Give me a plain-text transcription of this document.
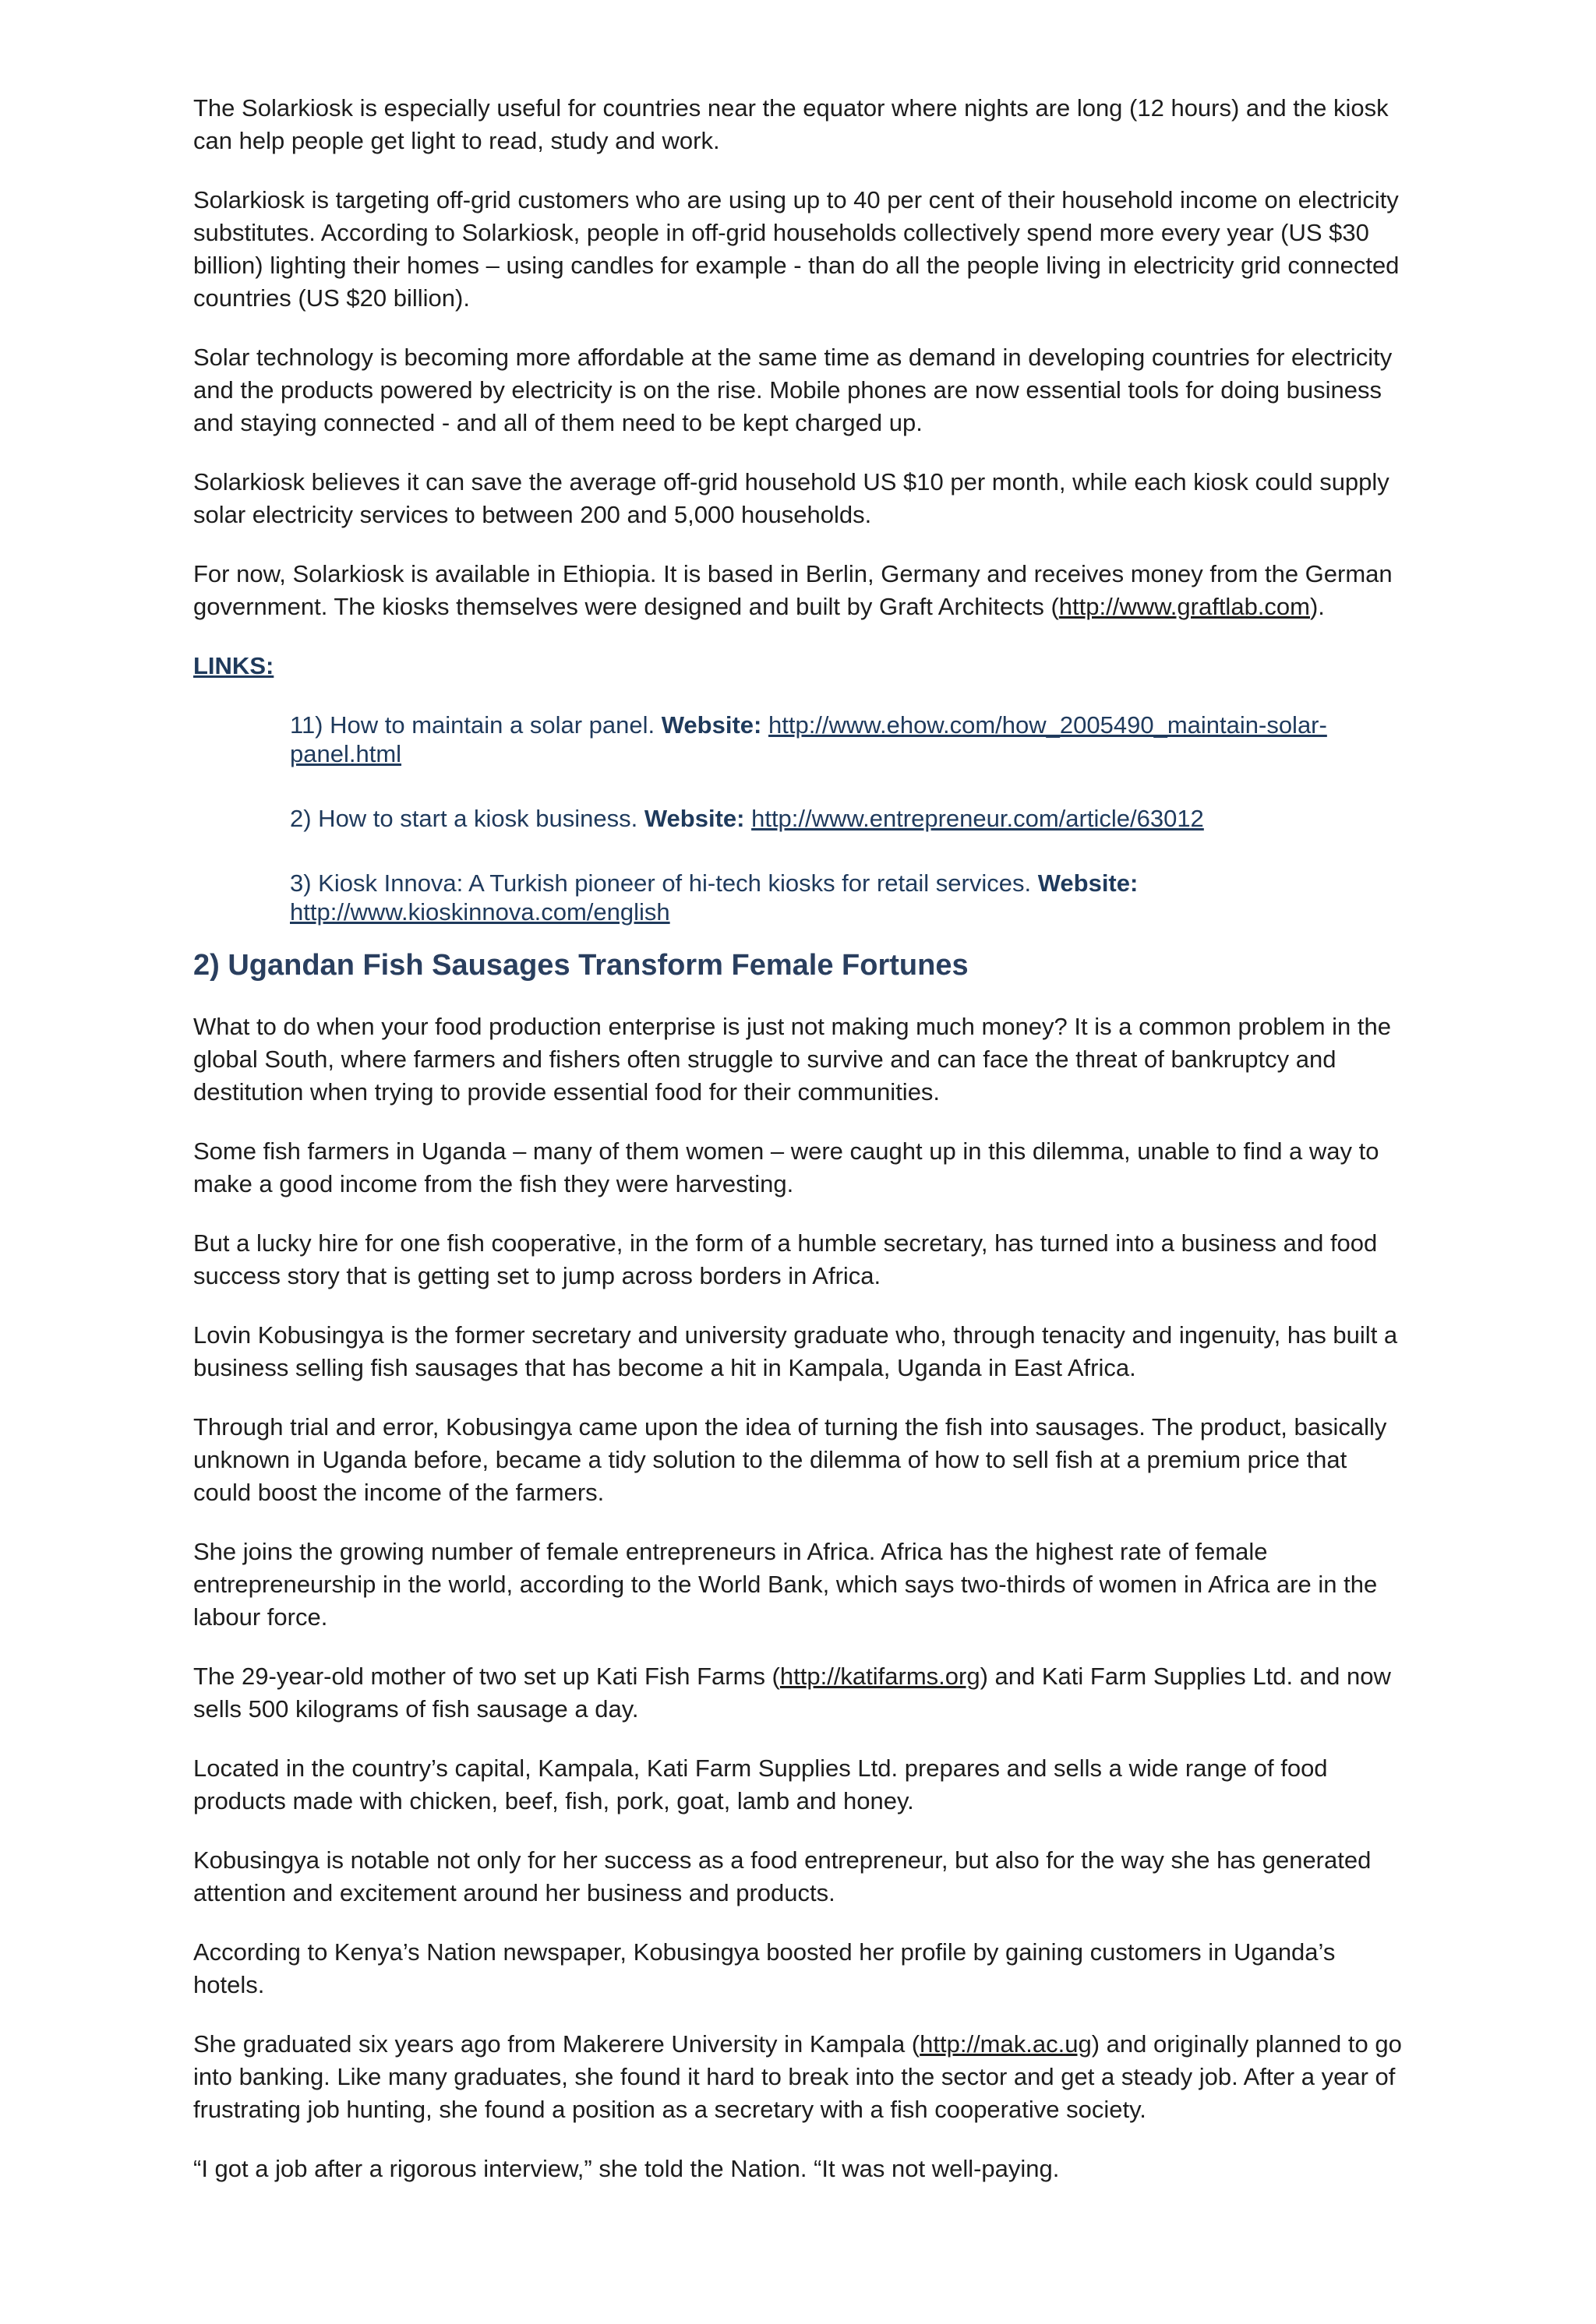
The Solarkiosk is especially useful for countries near the equator where nights are long (12 hours) and the kiosk can help people get light to read, study and work.

Solarkiosk is targeting off-grid customers who are using up to 40 per cent of their household income on electricity substitutes. According to Solarkiosk, people in off-grid households collectively spend more every year (US $30 billion) lighting their homes – using candles for example - than do all the people living in electricity grid connected countries (US $20 billion).

Solar technology is becoming more affordable at the same time as demand in developing countries for electricity and the products powered by electricity is on the rise. Mobile phones are now essential tools for doing business and staying connected - and all of them need to be kept charged up.

Solarkiosk believes it can save the average off-grid household US $10 per month, while each kiosk could supply solar electricity services to between 200 and 5,000 households.

For now, Solarkiosk is available in Ethiopia. It is based in Berlin, Germany and receives money from the German government. The kiosks themselves were designed and built by Graft Architects (http://www.graftlab.com).

LINKS:
11) How to maintain a solar panel. Website: http://www.ehow.com/how_2005490_maintain-solar-panel.html
2) How to start a kiosk business. Website: http://www.entrepreneur.com/article/63012
3) Kiosk Innova: A Turkish pioneer of hi-tech kiosks for retail services. Website: http://www.kioskinnova.com/english
2) Ugandan Fish Sausages Transform Female Fortunes

What to do when your food production enterprise is just not making much money? It is a common problem in the global South, where farmers and fishers often struggle to survive and can face the threat of bankruptcy and destitution when trying to provide essential food for their communities.

Some fish farmers in Uganda – many of them women – were caught up in this dilemma, unable to find a way to make a good income from the fish they were harvesting.

But a lucky hire for one fish cooperative, in the form of a humble secretary, has turned into a business and food success story that is getting set to jump across borders in Africa.

Lovin Kobusingya is the former secretary and university graduate who, through tenacity and ingenuity, has built a business selling fish sausages that has become a hit in Kampala, Uganda in East Africa.

Through trial and error, Kobusingya came upon the idea of turning the fish into sausages. The product, basically unknown in Uganda before, became a tidy solution to the dilemma of how to sell fish at a premium price that could boost the income of the farmers.

She joins the growing number of female entrepreneurs in Africa. Africa has the highest rate of female entrepreneurship in the world, according to the World Bank, which says two-thirds of women in Africa are in the labour force.

The 29-year-old mother of two set up Kati Fish Farms (http://katifarms.org) and Kati Farm Supplies Ltd. and now sells 500 kilograms of fish sausage a day.

Located in the country’s capital, Kampala, Kati Farm Supplies Ltd. prepares and sells a wide range of food products made with chicken, beef, fish, pork, goat, lamb and honey.

Kobusingya is notable not only for her success as a food entrepreneur, but also for the way she has generated attention and excitement around her business and products.

According to Kenya’s Nation newspaper, Kobusingya boosted her profile by gaining customers in Uganda’s hotels.

She graduated six years ago from Makerere University in Kampala (http://mak.ac.ug) and originally planned to go into banking. Like many graduates, she found it hard to break into the sector and get a steady job. After a year of frustrating job hunting, she found a position as a secretary with a fish cooperative society.

“I got a job after a rigorous interview,” she told the Nation. “It was not well-paying.
